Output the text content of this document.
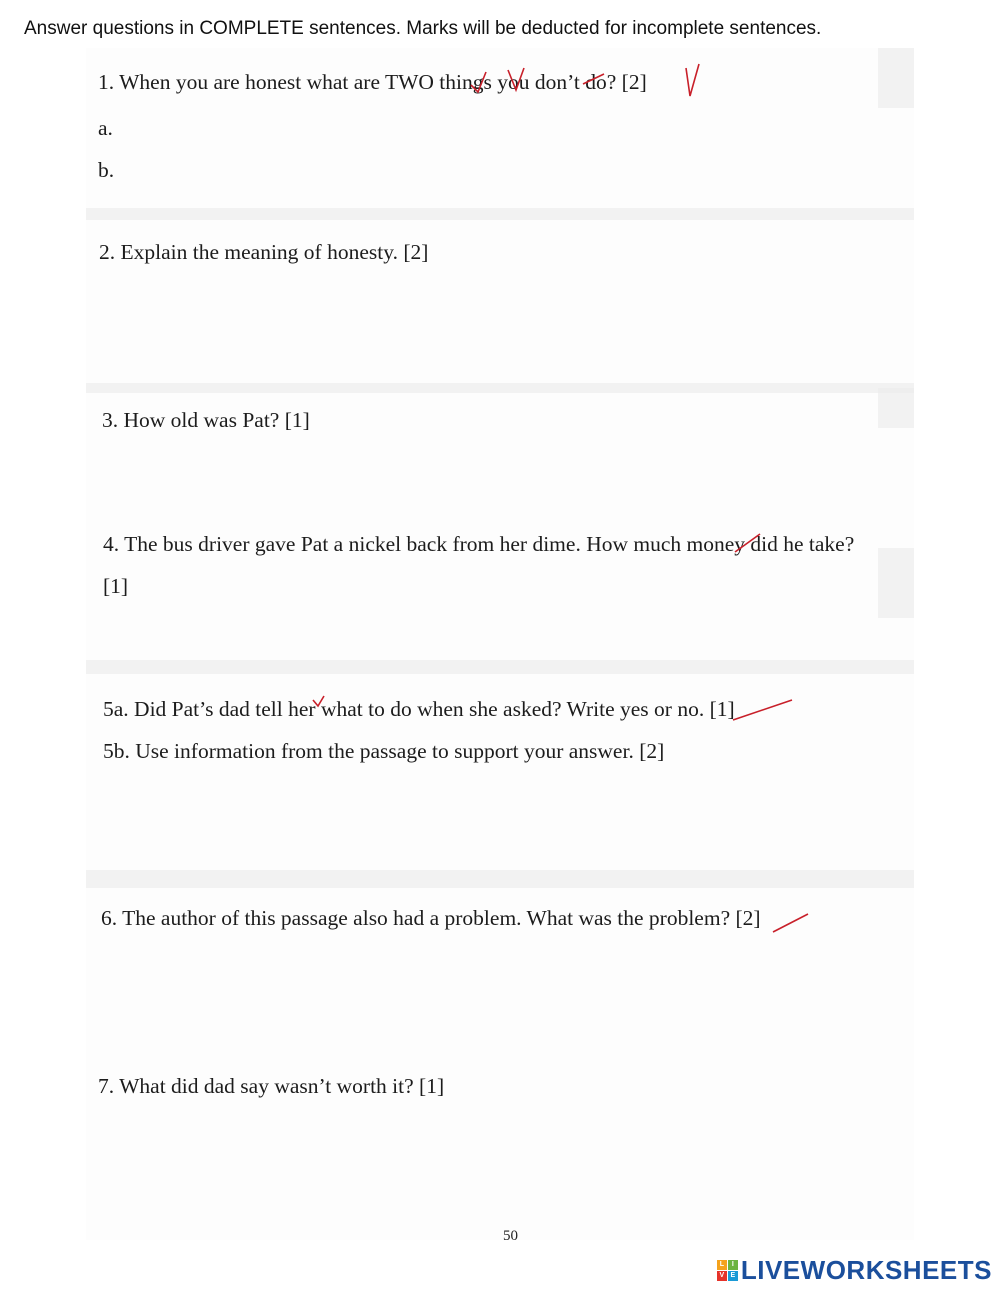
Answer questions in COMPLETE sentences. Marks will be deducted for incomplete sentences.
1. When you are honest what are TWO things you don’t do? [2]
a.
b.
2. Explain the meaning of honesty. [2]
3. How old was Pat? [1]
4. The bus driver gave Pat a nickel back from her dime. How much money did he take?
[1]
5a. Did Pat’s dad tell her what to do when she asked? Write yes or no. [1]
5b. Use information from the passage to support your answer. [2]
6. The author of this passage also had a problem. What was the problem? [2]
7. What did dad say wasn’t worth it? [1]
50
L	I
V E LIVEWORKSHEETS
